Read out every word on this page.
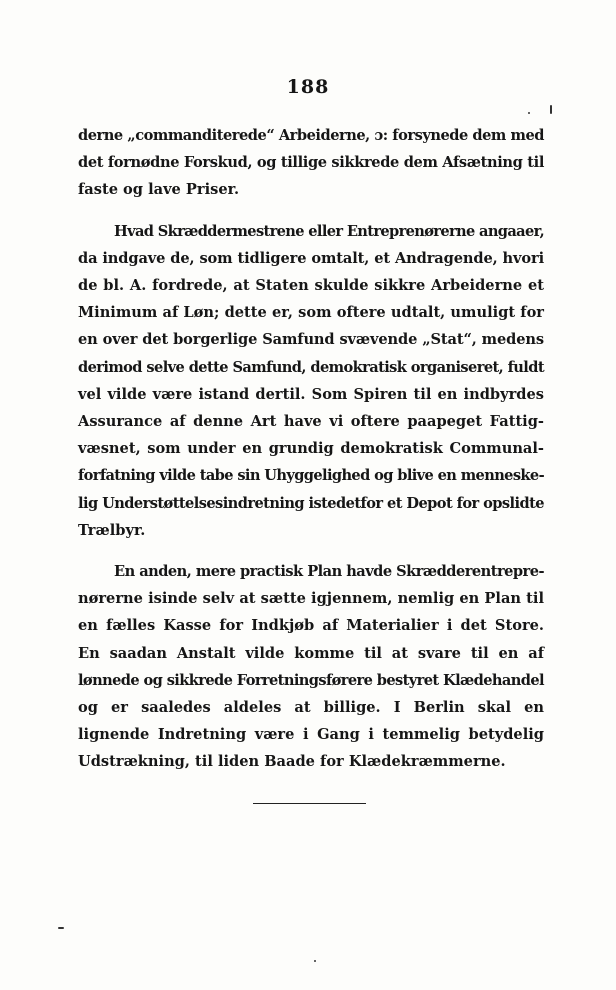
188

derne „commanditerede“ Arbeiderne, ɔ: forsynede dem med
det fornødne Forskud, og tillige sikkrede dem Afsætning til
faste og lave Priser.

Hvad Skræddermestrene eller Entreprenørerne angaaer,
da indgave de, som tidligere omtalt, et Andragende, hvori
de bl. A. fordrede, at Staten skulde sikkre Arbeiderne et
Minimum af Løn; dette er, som oftere udtalt, umuligt for
en over det borgerlige Samfund svævende „Stat“, medens
derimod selve dette Samfund, demokratisk organiseret, fuldt
vel vilde være istand dertil. Som Spiren til en indbyrdes
Assurance af denne Art have vi oftere paapeget Fattig-
væsnet, som under en grundig demokratisk Communal-
forfatning vilde tabe sin Uhyggelighed og blive en menneske-
lig Understøttelsesindretning istedetfor et Depot for opslidte
Trælbyr.

En anden, mere practisk Plan havde Skrædderentrepre-
nørerne isinde selv at sætte igjennem, nemlig en Plan til
en fælles Kasse for Indkjøb af Materialier i det Store.
En saadan Anstalt vilde komme til at svare til en af
lønnede og sikkrede Forretningsførere bestyret Klædehandel
og er saaledes aldeles at billige. I Berlin skal en
lignende Indretning være i Gang i temmelig betydelig
Udstrækning, til liden Baade for Klædekræmmerne.
